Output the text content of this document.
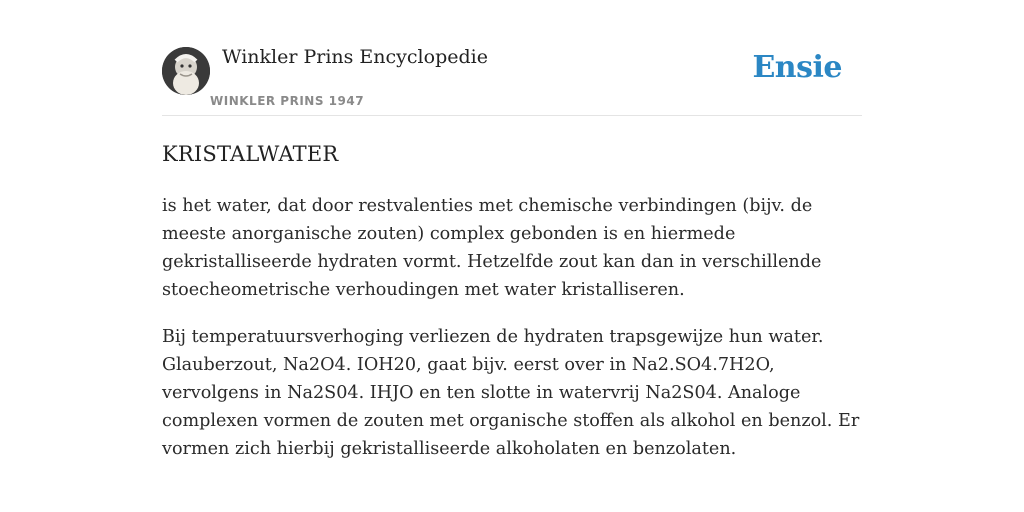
Winkler Prins Encyclopedie
WINKLER PRINS 1947
Ensie
KRISTALWATER

is het water, dat door restvalenties met chemische verbindingen (bijv. de meeste anorganische zouten) complex gebonden is en hiermede gekristalliseerde hydraten vormt. Hetzelfde zout kan dan in verschillende stoecheometrische verhoudingen met water kristalliseren.

Bij temperatuursverhoging verliezen de hydraten trapsgewijze hun water. Glauberzout, Na2O4. IOH20, gaat bijv. eerst over in Na2.SO4.7H2O, vervolgens in Na2S04. IHJO en ten slotte in watervrij Na2S04. Analoge complexen vormen de zouten met organische stoffen als alkohol en benzol. Er vormen zich hierbij gekristalliseerde alkoholaten en benzolaten.
